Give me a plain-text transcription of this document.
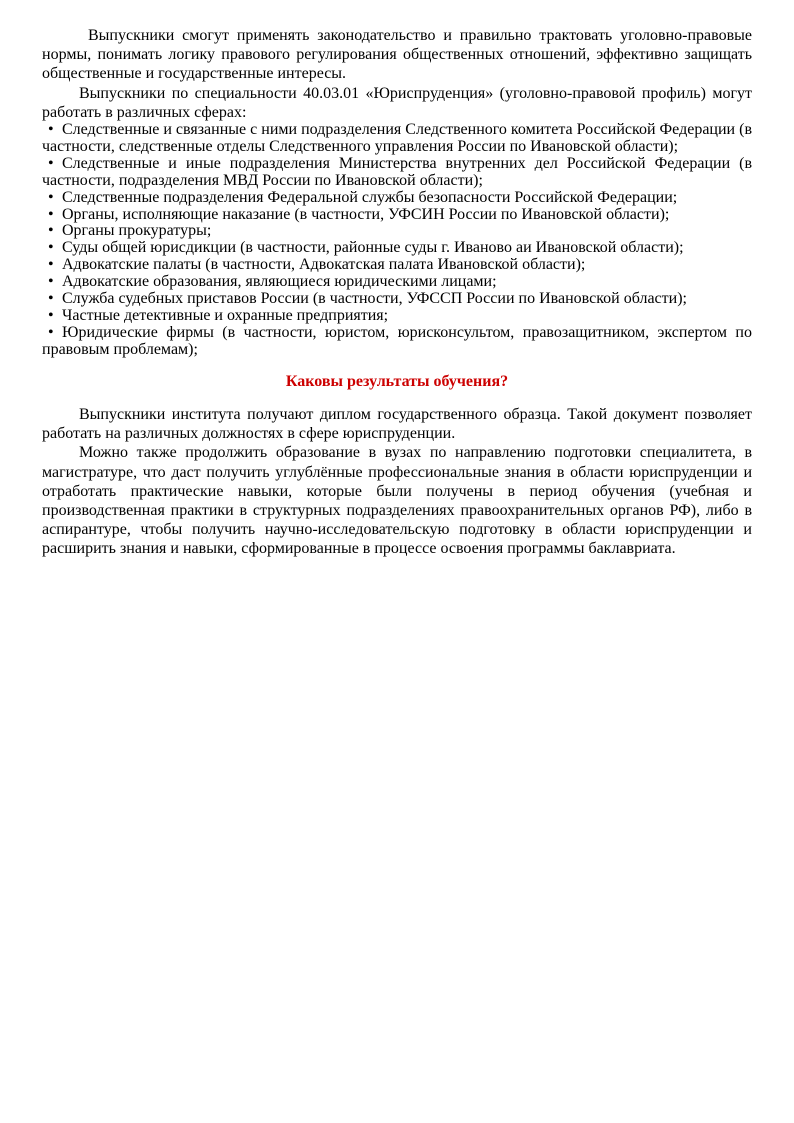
Выпускники смогут применять законодательство и правильно трактовать уголовно-правовые нормы, понимать логику правового регулирования общественных отношений, эффективно защищать общественные и государственные интересы.

Выпускники по специальности 40.03.01 «Юриспруденция» (уголовно-правовой профиль) могут работать в различных сферах:

• Следственные и связанные с ними подразделения Следственного комитета Российской Федерации (в частности, следственные отделы Следственного управления России по Ивановской области);
• Следственные и иные подразделения Министерства внутренних дел Российской Федерации (в частности, подразделения МВД России по Ивановской области);
• Следственные подразделения Федеральной службы безопасности Российской Федерации;
• Органы, исполняющие наказание (в частности, УФСИН России по Ивановской области);
• Органы прокуратуры;
• Суды общей юрисдикции (в частности, районные суды г. Иваново аи Ивановской области);
• Адвокатские палаты (в частности, Адвокатская палата Ивановской области);
• Адвокатские образования, являющиеся юридическими лицами;
• Служба судебных приставов России (в частности, УФССП России по Ивановской области);
• Частные детективные и охранные предприятия;
• Юридические фирмы (в частности, юристом, юрисконсультом, правозащитником, экспертом по правовым проблемам);

Каковы результаты обучения?

Выпускники института получают диплом государственного образца. Такой документ позволяет работать на различных должностях в сфере юриспруденции.

Можно также продолжить образование в вузах по направлению подготовки специалитета, в магистратуре, что даст получить углублённые профессиональные знания в области юриспруденции и отработать практические навыки, которые были получены в период обучения (учебная и производственная практики в структурных подразделениях правоохранительных органов РФ), либо в аспирантуре, чтобы получить научно-исследовательскую подготовку в области юриспруденции и расширить знания и навыки, сформированные в процессе освоения программы баклавриата.
